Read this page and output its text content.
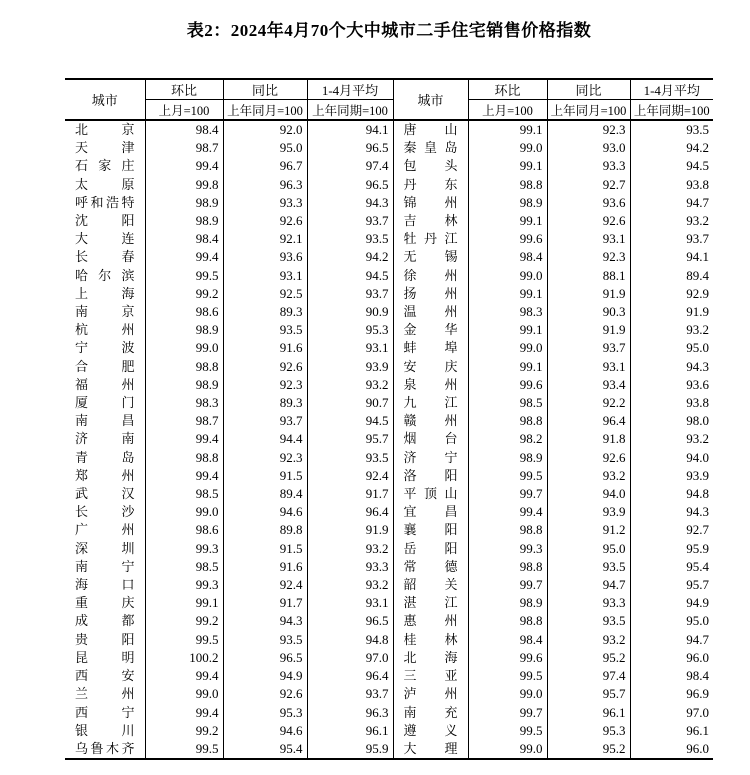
表2：2024年4月70个大中城市二手住宅销售价格指数
城市	环比	同比	1-4月平均	城市	环比	同比	1-4月平均
	上月=100	上年同月=100	上年同期=100		上月=100	上年同月=100	上年同期=100
北京	98.4	92.0	94.1	唐山	99.1	92.3	93.5
天津	98.7	95.0	96.5	秦皇岛	99.0	93.0	94.2
石家庄	99.4	96.7	97.4	包头	99.1	93.3	94.5
太原	99.8	96.3	96.5	丹东	98.8	92.7	93.8
呼和浩特	98.9	93.3	94.3	锦州	98.9	93.6	94.7
沈阳	98.9	92.6	93.7	吉林	99.1	92.6	93.2
大连	98.4	92.1	93.5	牡丹江	99.6	93.1	93.7
长春	99.4	93.6	94.2	无锡	98.4	92.3	94.1
哈尔滨	99.5	93.1	94.5	徐州	99.0	88.1	89.4
上海	99.2	92.5	93.7	扬州	99.1	91.9	92.9
南京	98.6	89.3	90.9	温州	98.3	90.3	91.9
杭州	98.9	93.5	95.3	金华	99.1	91.9	93.2
宁波	99.0	91.6	93.1	蚌埠	99.0	93.7	95.0
合肥	98.8	92.6	93.9	安庆	99.1	93.1	94.3
福州	98.9	92.3	93.2	泉州	99.6	93.4	93.6
厦门	98.3	89.3	90.7	九江	98.5	92.2	93.8
南昌	98.7	93.7	94.5	赣州	98.8	96.4	98.0
济南	99.4	94.4	95.7	烟台	98.2	91.8	93.2
青岛	98.8	92.3	93.5	济宁	98.9	92.6	94.0
郑州	99.4	91.5	92.4	洛阳	99.5	93.2	93.9
武汉	98.5	89.4	91.7	平顶山	99.7	94.0	94.8
长沙	99.0	94.6	96.4	宜昌	99.4	93.9	94.3
广州	98.6	89.8	91.9	襄阳	98.8	91.2	92.7
深圳	99.3	91.5	93.2	岳阳	99.3	95.0	95.9
南宁	98.5	91.6	93.3	常德	98.8	93.5	95.4
海口	99.3	92.4	93.2	韶关	99.7	94.7	95.7
重庆	99.1	91.7	93.1	湛江	98.9	93.3	94.9
成都	99.2	94.3	96.5	惠州	98.8	93.5	95.0
贵阳	99.5	93.5	94.8	桂林	98.4	93.2	94.7
昆明	100.2	96.5	97.0	北海	99.6	95.2	96.0
西安	99.4	94.9	96.4	三亚	99.5	97.4	98.4
兰州	99.0	92.6	93.7	泸州	99.0	95.7	96.9
西宁	99.4	95.3	96.3	南充	99.7	96.1	97.0
银川	99.2	94.6	96.1	遵义	99.5	95.3	96.1
乌鲁木齐	99.5	95.4	95.9	大理	99.0	95.2	96.0
